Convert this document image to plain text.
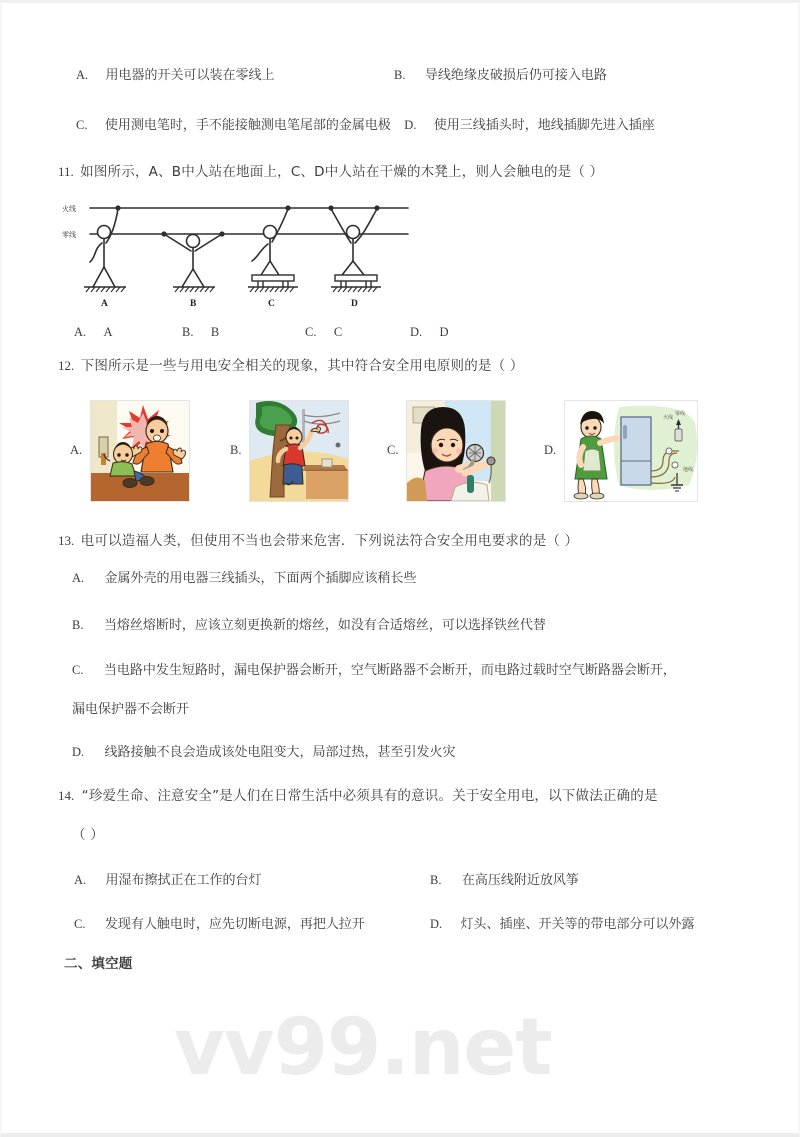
vv99.net
A. 用电器的开关可以装在零线上	B. 导线绝缘皮破损后仍可接入电路
C. 使用测电笔时，手不能接触测电笔尾部的金属电极 D. 使用三线插头时，地线插脚先进入插座
11. 如图所示，A、B中人站在地面上，C、D中人站在干燥的木凳上，则人会触电的是（ ）
火线
零线
A	B	C	D
A. A	B. B	C. C	D. D
12. 下图所示是一些与用电安全相关的现象，其中符合安全用电原则的是（ ）
A.	B.	C.	D.
火线
零线
地线
13. 电可以造福人类，但使用不当也会带来危害．下列说法符合安全用电要求的是（ ）
A. 金属外壳的用电器三线插头，下面两个插脚应该稍长些
B. 当熔丝熔断时，应该立刻更换新的熔丝，如没有合适熔丝，可以选择铁丝代替
C. 当电路中发生短路时，漏电保护器会断开，空气断路器不会断开，而电路过载时空气断路器会断开，
漏电保护器不会断开
D. 线路接触不良会造成该处电阻变大，局部过热，甚至引发火灾
14. “珍爱生命、注意安全”是人们在日常生活中必须具有的意识。关于安全用电，以下做法正确的是
（ ）
A. 用湿布擦拭正在工作的台灯	B. 在高压线附近放风筝
C. 发现有人触电时，应先切断电源，再把人拉开	D. 灯头、插座、开关等的带电部分可以外露
二、填空题
